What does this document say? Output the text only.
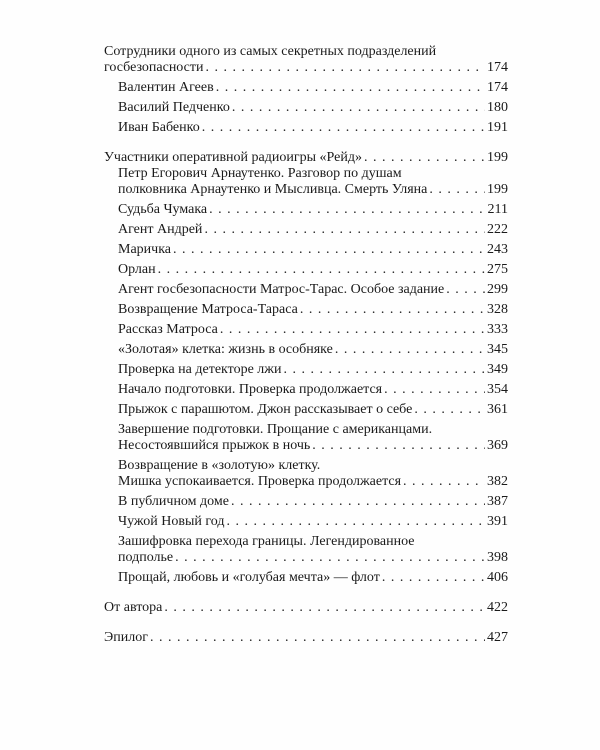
Сотрудники одного из самых секретных подразделений
госбезопасности . . .	174
Валентин Агеев . . .	174
Василий Педченко . . .	180
Иван Бабенко . . .	191
Участники оперативной радиоигры «Рейд» . . .	199
Петр Егорович Арнаутенко. Разговор по душам
полковника Арнаутенко и Мысливца. Смерть Уляна . . .	199
Судьба Чумака . . .	211
Агент Андрей . . .	222
Маричка . . .	243
Орлан . . .	275
Агент госбезопасности Матрос-Тарас. Особое задание . . .	299
Возвращение Матроса-Тараса . . .	328
Рассказ Матроса . . .	333
«Золотая» клетка: жизнь в особняке . . .	345
Проверка на детекторе лжи . . .	349
Начало подготовки. Проверка продолжается . . .	354
Прыжок с парашютом. Джон рассказывает о себе . . .	361
Завершение подготовки. Прощание с американцами.
Несостоявшийся прыжок в ночь . . .	369
Возвращение в «золотую» клетку.
Мишка успокаивается. Проверка продолжается . . .	382
В публичном доме . . .	387
Чужой Новый год . . .	391
Зашифровка перехода границы. Легендированное
подполье . . .	398
Прощай, любовь и «голубая мечта» — флот . . .	406
От автора . . .	422
Эпилог . . .	427
